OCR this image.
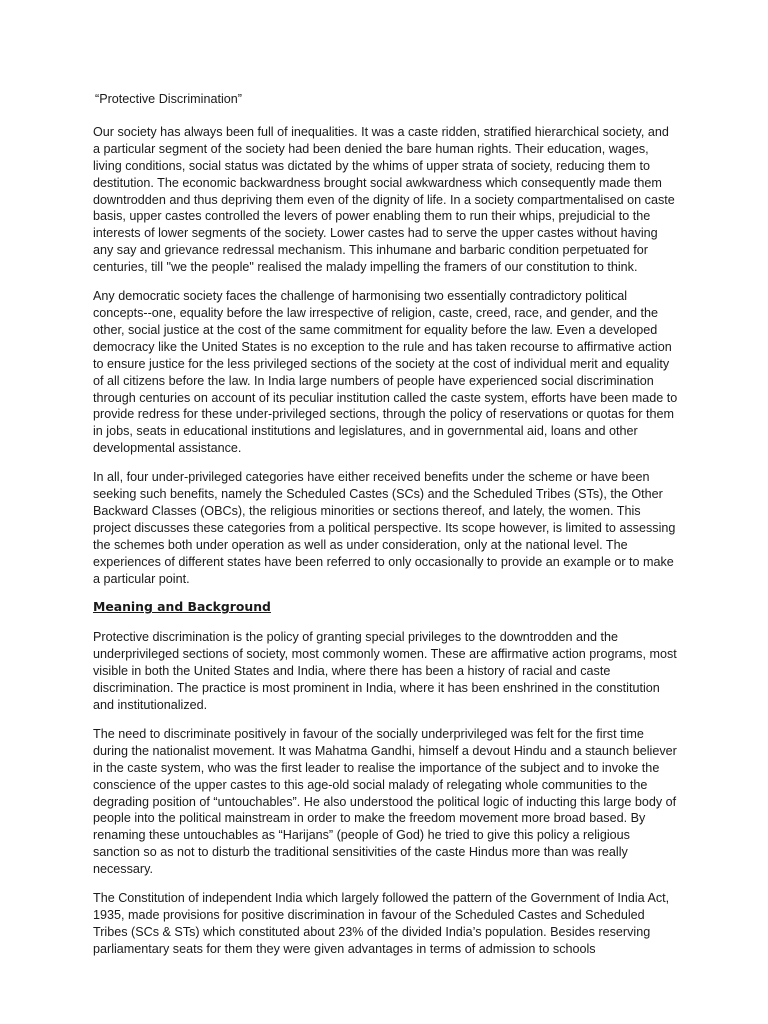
“Protective Discrimination”

Our society has always been full of inequalities. It was a caste ridden, stratified hierarchical society, and a particular segment of the society had been denied the bare human rights. Their education, wages, living conditions, social status was dictated by the whims of upper strata of society, reducing them to destitution. The economic backwardness brought social awkwardness which consequently made them downtrodden and thus depriving them even of the dignity of life. In a society compartmentalised on caste basis, upper castes controlled the levers of power enabling them to run their whips, prejudicial to the interests of lower segments of the society. Lower castes had to serve the upper castes without having any say and grievance redressal mechanism. This inhumane and barbaric condition perpetuated for centuries, till "we the people" realised the malady impelling the framers of our constitution to think.

Any democratic society faces the challenge of harmonising two essentially contradictory political concepts--one, equality before the law irrespective of religion, caste, creed, race, and gender, and the other, social justice at the cost of the same commitment for equality before the law. Even a developed democracy like the United States is no exception to the rule and has taken recourse to affirmative action to ensure justice for the less privileged sections of the society at the cost of individual merit and equality of all citizens before the law. In India large numbers of people have experienced social discrimination through centuries on account of its peculiar institution called the caste system, efforts have been made to provide redress for these under-privileged sections, through the policy of reservations or quotas for them in jobs, seats in educational institutions and legislatures, and in governmental aid, loans and other developmental assistance.

In all, four under-privileged categories have either received benefits under the scheme or have been seeking such benefits, namely the Scheduled Castes (SCs) and the Scheduled Tribes (STs), the Other Backward Classes (OBCs), the religious minorities or sections thereof, and lately, the women. This project discusses these categories from a political perspective. Its scope however, is limited to assessing the schemes both under operation as well as under consideration, only at the national level. The experiences of different states have been referred to only occasionally to provide an example or to make a particular point.

Meaning and Background

Protective discrimination is the policy of granting special privileges to the downtrodden and the underprivileged sections of society, most commonly women. These are affirmative action programs, most visible in both the United States and India, where there has been a history of racial and caste discrimination. The practice is most prominent in India, where it has been enshrined in the constitution and institutionalized.

The need to discriminate positively in favour of the socially underprivileged was felt for the first time during the nationalist movement. It was Mahatma Gandhi, himself a devout Hindu and a staunch believer in the caste system, who was the first leader to realise the importance of the subject and to invoke the conscience of the upper castes to this age-old social malady of relegating whole communities to the degrading position of “untouchables”. He also understood the political logic of inducting this large body of people into the political mainstream in order to make the freedom movement more broad based. By renaming these untouchables as “Harijans” (people of God) he tried to give this policy a religious sanction so as not to disturb the traditional sensitivities of the caste Hindus more than was really necessary.

The Constitution of independent India which largely followed the pattern of the Government of India Act, 1935, made provisions for positive discrimination in favour of the Scheduled Castes and Scheduled Tribes (SCs & STs) which constituted about 23% of the divided India’s population. Besides reserving parliamentary seats for them they were given advantages in terms of admission to schools
